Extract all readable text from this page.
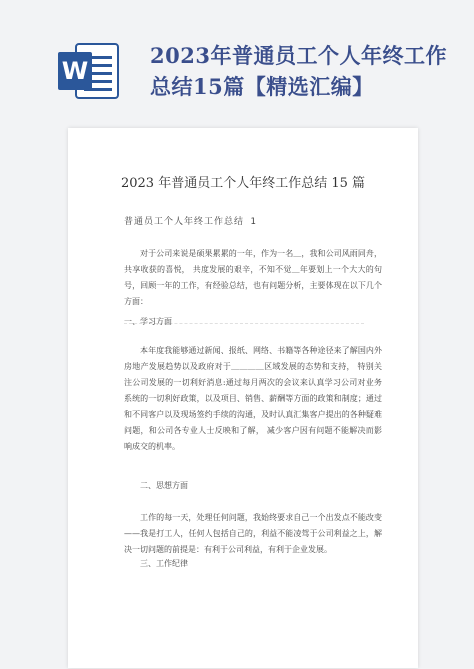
W
2023年普通员工个人年终工作总结15篇【精选汇编】
2023 年普通员工个人年终工作总结 15 篇
普通员工个人年终工作总结 1

对于公司来说是硕果累累的一年，作为一名＿，我和公司风雨同舟，共享收获的喜悦， 共度发展的艰辛，不知不觉＿年要划上一个大大的句号，回顾一年的工作，有经验总结，也有问题分析，主要体现在以下几个方面：

一、学习方面

本年度我能够通过新闻、报纸、网络、书籍等各种途径来了解国内外房地产发展趋势以及政府对于＿＿＿＿区域发展的态势和支持， 特别关注公司发展的一切利好消息:通过每月两次的会议来认真学习公司对业务系统的一切利好政策，以及项目、销售、薪酬等方面的政策和制度；通过和不同客户以及现场签约手续的沟通，及时认真汇集客户提出的各种疑难问题，和公司各专业人士反映和了解， 减少客户因有问题不能解决而影响成交的机率。

二、思想方面

工作的每一天，处理任何问题，我始终要求自己一个出发点不能改变——我是打工人，任何人包括自己的，利益不能凌驾于公司利益之上，解决一切问题的前提是：有利于公司利益，有利于企业发展。

三、工作纪律
